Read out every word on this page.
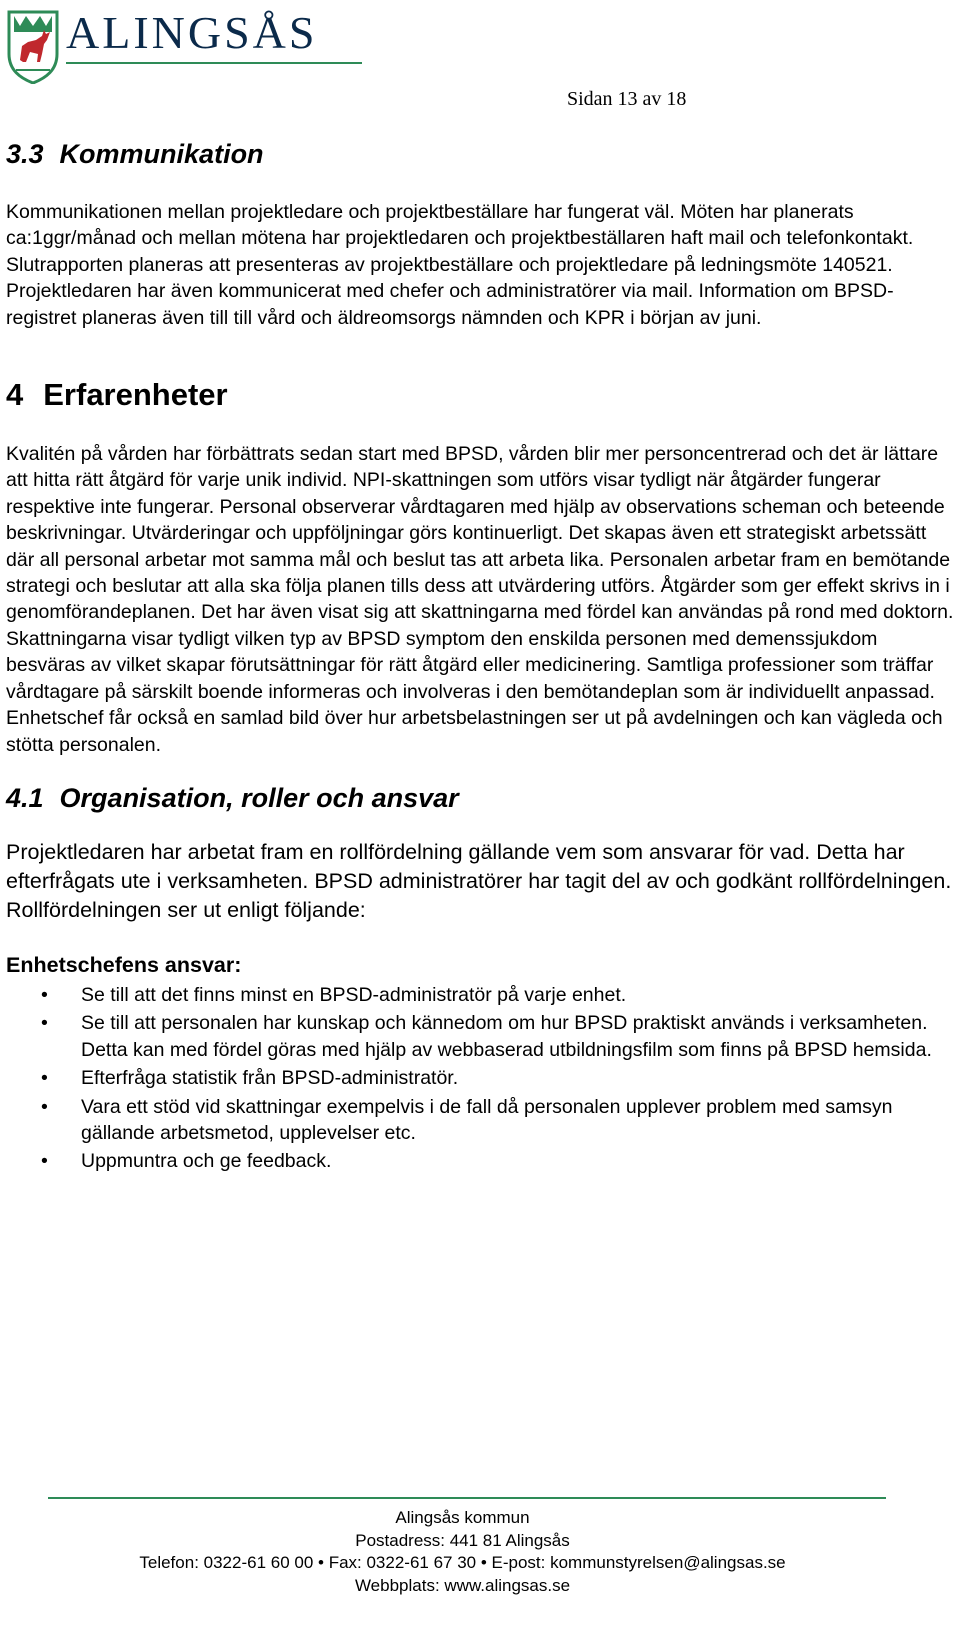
ALINGSÅS
Sidan 13 av 18
3.3 Kommunikation

Kommunikationen mellan projektledare och projektbeställare har fungerat väl. Möten har planerats ca:1ggr/månad och mellan mötena har projektledaren och projektbeställaren haft mail och telefonkontakt. Slutrapporten planeras att presenteras av projektbeställare och projektledare på ledningsmöte 140521. Projektledaren har även kommunicerat med chefer och administratörer via mail. Information om BPSD-registret planeras även till till vård och äldreomsorgs nämnden och KPR i början av juni.

4 Erfarenheter

Kvalitén på vården har förbättrats sedan start med BPSD, vården blir mer personcentrerad och det är lättare att hitta rätt åtgärd för varje unik individ. NPI-skattningen som utförs visar tydligt när åtgärder fungerar respektive inte fungerar. Personal observerar vårdtagaren med hjälp av observations scheman och beteende beskrivningar. Utvärderingar och uppföljningar görs kontinuerligt. Det skapas även ett strategiskt arbetssätt där all personal arbetar mot samma mål och beslut tas att arbeta lika. Personalen arbetar fram en bemötande strategi och beslutar att alla ska följa planen tills dess att utvärdering utförs. Åtgärder som ger effekt skrivs in i genomförandeplanen. Det har även visat sig att skattningarna med fördel kan användas på rond med doktorn. Skattningarna visar tydligt vilken typ av BPSD symptom den enskilda personen med demenssjukdom besväras av vilket skapar förutsättningar för rätt åtgärd eller medicinering. Samtliga professioner som träffar vårdtagare på särskilt boende informeras och involveras i den bemötandeplan som är individuellt anpassad. Enhetschef får också en samlad bild över hur arbetsbelastningen ser ut på avdelningen och kan vägleda och stötta personalen.

4.1 Organisation, roller och ansvar

Projektledaren har arbetat fram en rollfördelning gällande vem som ansvarar för vad. Detta har efterfrågats ute i verksamheten. BPSD administratörer har tagit del av och godkänt rollfördelningen. Rollfördelningen ser ut enligt följande:

Enhetschefens ansvar:
• Se till att det finns minst en BPSD-administratör på varje enhet.
• Se till att personalen har kunskap och kännedom om hur BPSD praktiskt används i verksamheten. Detta kan med fördel göras med hjälp av webbaserad utbildningsfilm som finns på BPSD hemsida.
• Efterfråga statistik från BPSD-administratör.
• Vara ett stöd vid skattningar exempelvis i de fall då personalen upplever problem med samsyn gällande arbetsmetod, upplevelser etc.
• Uppmuntra och ge feedback.
Alingsås kommun
Postadress: 441 81 Alingsås
Telefon: 0322-61 60 00 • Fax: 0322-61 67 30 • E-post: kommunstyrelsen@alingsas.se
Webbplats: www.alingsas.se
